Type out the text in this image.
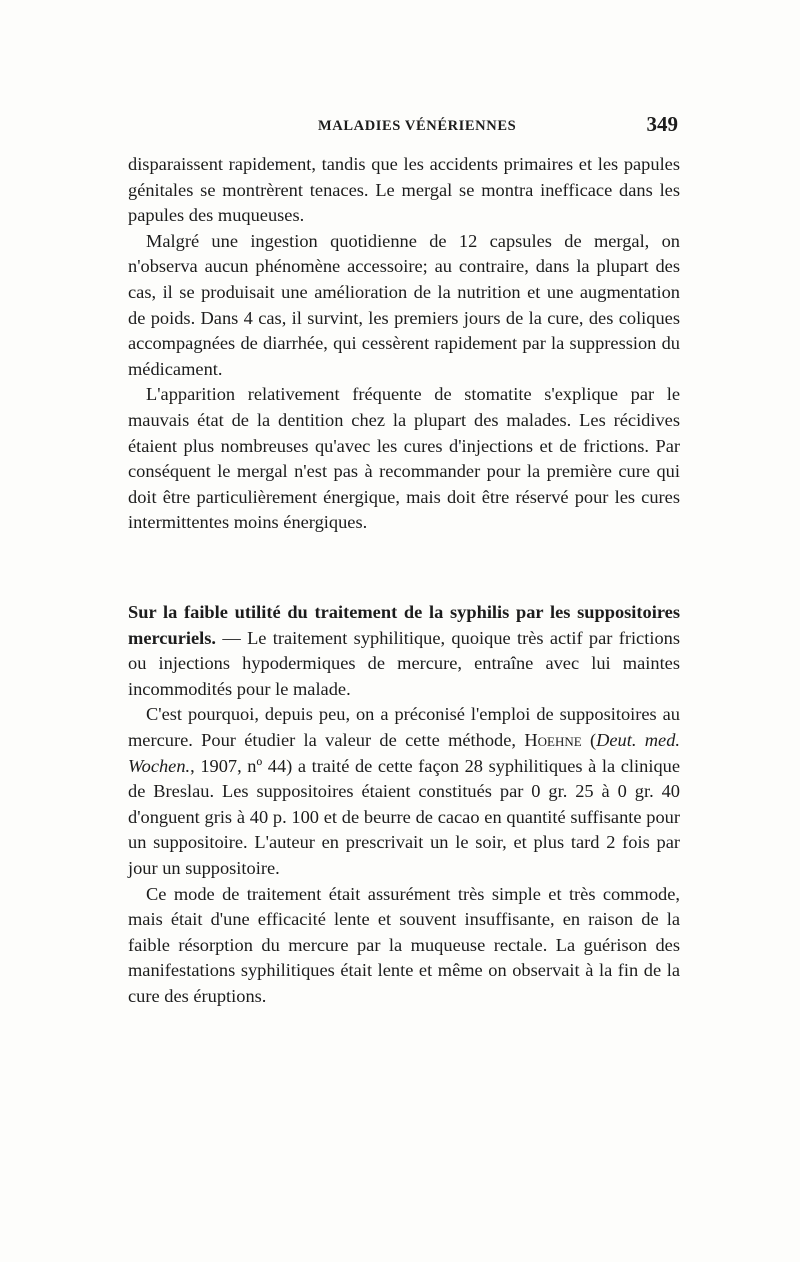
MALADIES VÉNÉRIENNES	349

disparaissent rapidement, tandis que les accidents primaires et les papules génitales se montrèrent tenaces. Le mergal se montra inefficace dans les papules des muqueuses.

Malgré une ingestion quotidienne de 12 capsules de mergal, on n'observa aucun phénomène accessoire; au contraire, dans la plupart des cas, il se produisait une amélioration de la nutrition et une augmentation de poids. Dans 4 cas, il survint, les premiers jours de la cure, des coliques accompagnées de diarrhée, qui cessèrent rapidement par la suppression du médicament.

L'apparition relativement fréquente de stomatite s'explique par le mauvais état de la dentition chez la plupart des malades. Les récidives étaient plus nombreuses qu'avec les cures d'injections et de frictions. Par conséquent le mergal n'est pas à recommander pour la première cure qui doit être particulièrement énergique, mais doit être réservé pour les cures intermittentes moins énergiques.

Sur la faible utilité du traitement de la syphilis par les suppositoires mercuriels. — Le traitement syphilitique, quoique très actif par frictions ou injections hypodermiques de mercure, entraîne avec lui maintes incommodités pour le malade.

C'est pourquoi, depuis peu, on a préconisé l'emploi de suppositoires au mercure. Pour étudier la valeur de cette méthode, Hoehne (Deut. med. Wochen., 1907, nº 44) a traité de cette façon 28 syphilitiques à la clinique de Breslau. Les suppositoires étaient constitués par 0 gr. 25 à 0 gr. 40 d'onguent gris à 40 p. 100 et de beurre de cacao en quantité suffisante pour un suppositoire. L'auteur en prescrivait un le soir, et plus tard 2 fois par jour un suppositoire.

Ce mode de traitement était assurément très simple et très commode, mais était d'une efficacité lente et souvent insuffisante, en raison de la faible résorption du mercure par la muqueuse rectale. La guérison des manifestations syphilitiques était lente et même on observait à la fin de la cure des éruptions.
